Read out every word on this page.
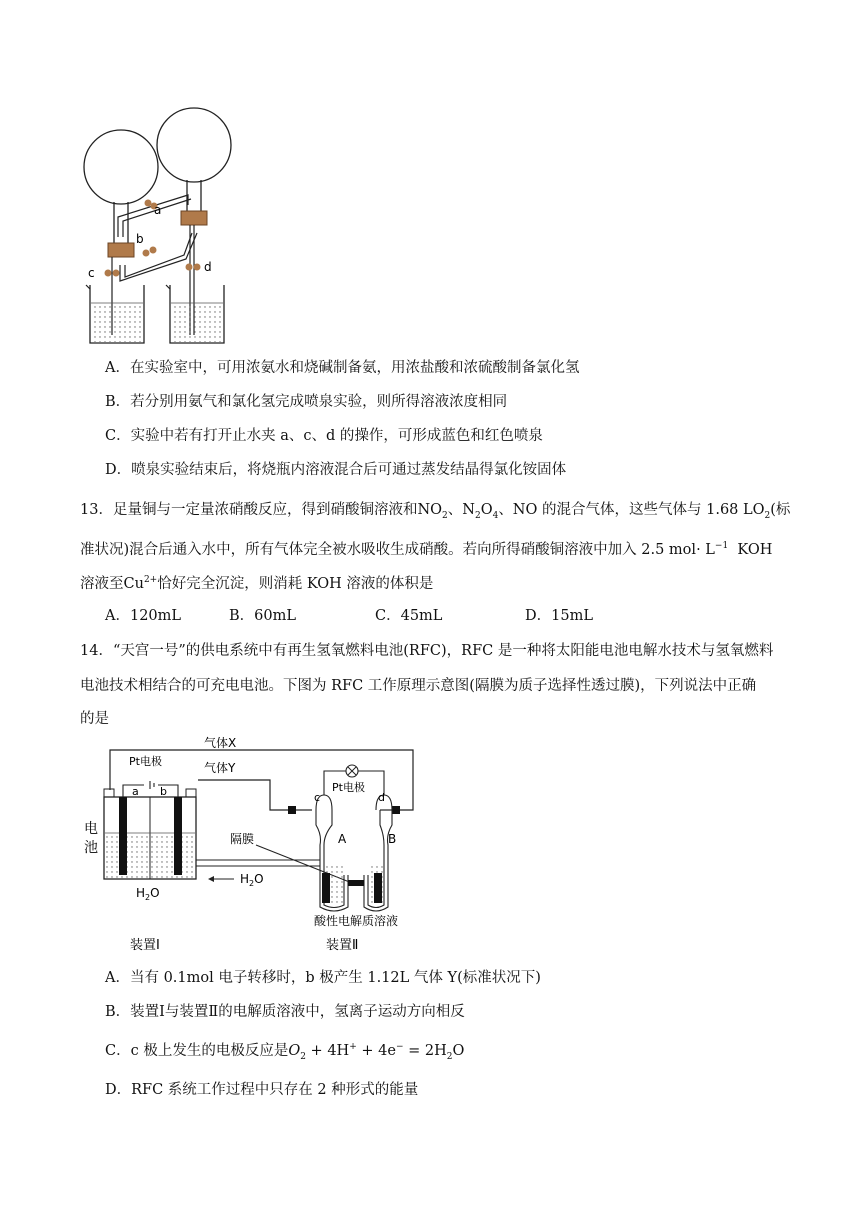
a
b
c	d
A．在实验室中，可用浓氨水和烧碱制备氨，用浓盐酸和浓硫酸制备氯化氢
B．若分别用氨气和氯化氢完成喷泉实验，则所得溶液浓度相同
C．实验中若有打开止水夹 a、c、d 的操作，可形成蓝色和红色喷泉
D．喷泉实验结束后，将烧瓶内溶液混合后可通过蒸发结晶得氯化铵固体
13．足量铜与一定量浓硝酸反应，得到硝酸铜溶液和$NO_2$、$N_2O_4$、NO 的混合气体，这些气体与 1.68 $LO_2$(标
准状况)混合后通入水中，所有气体完全被水吸收生成硝酸。若向所得硝酸铜溶液中加入 2.5 $mol\cdot L^{-1}$ KOH
溶液至$Cu^{2+}$恰好完全沉淀，则消耗 KOH 溶液的体积是
A．120mL	B．60mL	C．45mL	D．15mL
14．“天宫一号”的供电系统中有再生氢氧燃料电池(RFC)，RFC 是一种将太阳能电池电解水技术与氢氧燃料
电池技术相结合的可充电电池。下图为 RFC 工作原理示意图(隔膜为质子选择性透过膜)，下列说法中正确
的是
气体X
气体Y
Pt电极
a b
电
池
隔膜
$H_2O$
$H_2O$
Pt电极
c	d
A	B
酸性电解质溶液
装置Ⅰ	装置Ⅱ
A．当有 0.1mol 电子转移时，b 极产生 1.12L 气体 Y(标准状况下)
B．装置Ⅰ与装置Ⅱ的电解质溶液中，氢离子运动方向相反
C．c 极上发生的电极反应是$O_2 + 4H^+ + 4e^- = 2H_2O$
D．RFC 系统工作过程中只存在 2 种形式的能量
